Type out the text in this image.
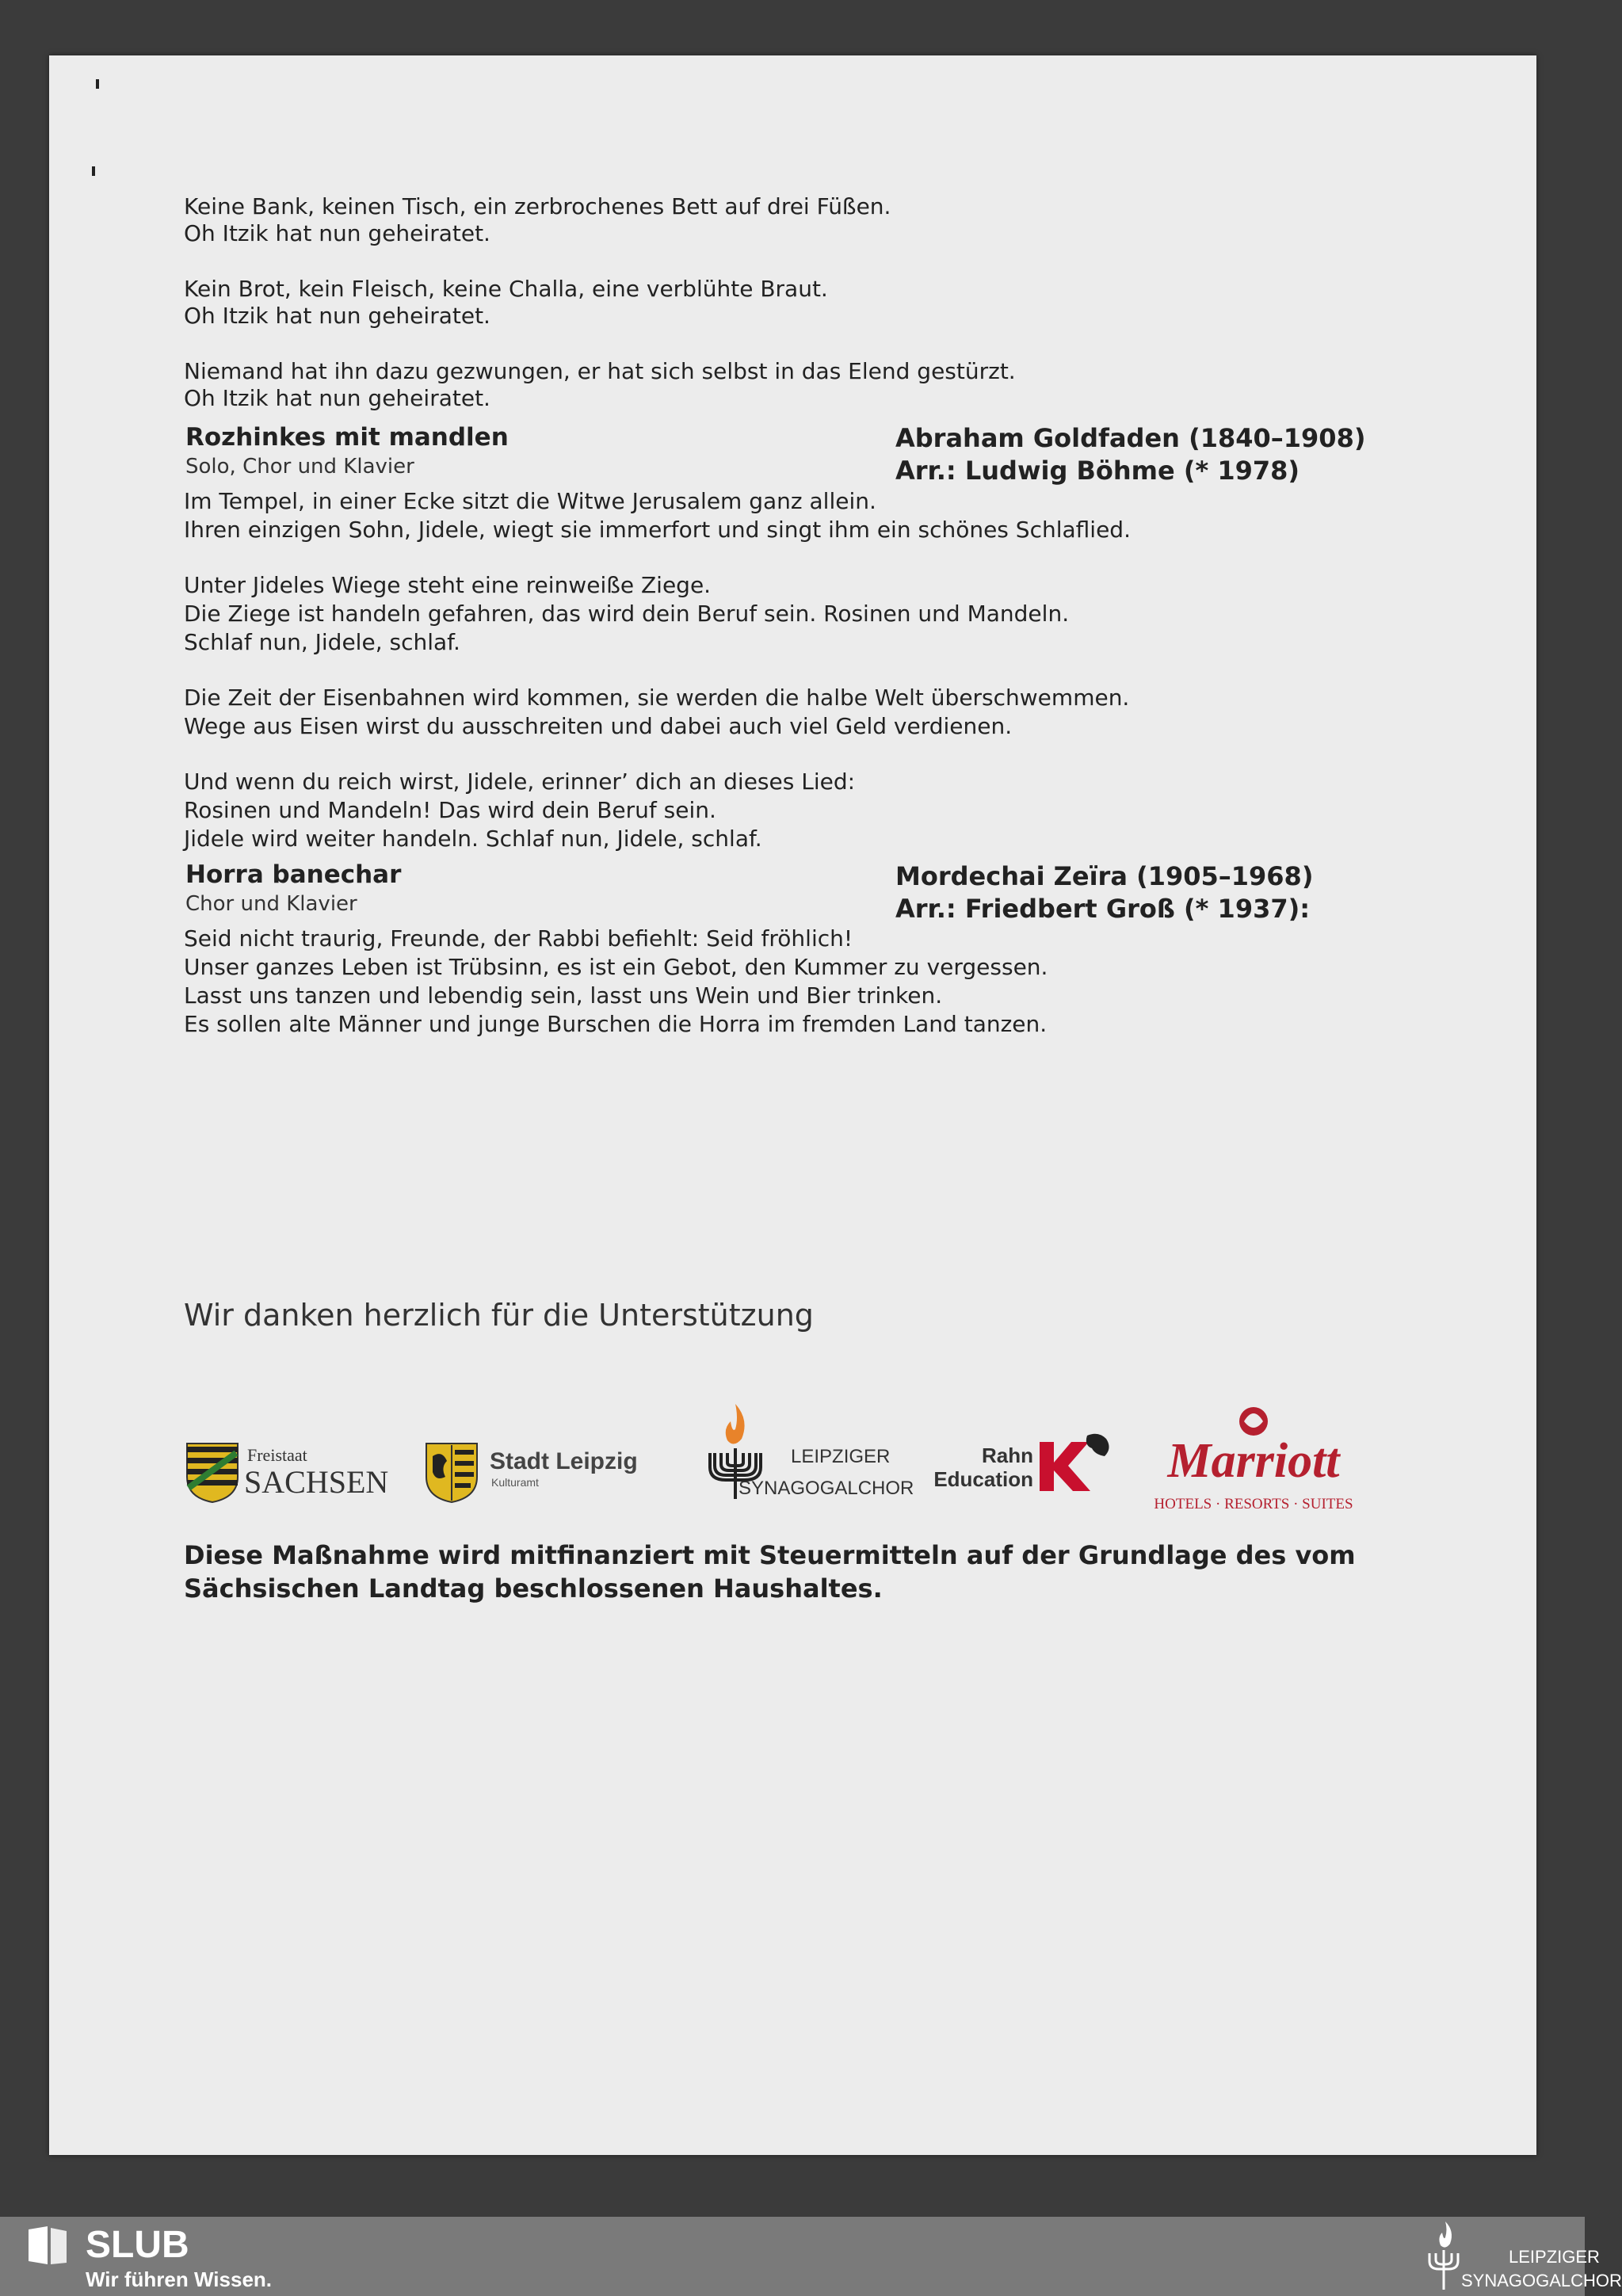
Keine Bank, keinen Tisch, ein zerbrochenes Bett auf drei Füßen.
Oh Itzik hat nun geheiratet.
Kein Brot, kein Fleisch, keine Challa, eine verblühte Braut.
Oh Itzik hat nun geheiratet.
Niemand hat ihn dazu gezwungen, er hat sich selbst in das Elend gestürzt.
Oh Itzik hat nun geheiratet.
Rozhinkes mit mandlen
Solo, Chor und Klavier
Abraham Goldfaden (1840–1908)
Arr.: Ludwig Böhme (* 1978)
Im Tempel, in einer Ecke sitzt die Witwe Jerusalem ganz allein.
Ihren einzigen Sohn, Jidele, wiegt sie immerfort und singt ihm ein schönes Schlaflied.
Unter Jideles Wiege steht eine reinweiße Ziege.
Die Ziege ist handeln gefahren, das wird dein Beruf sein. Rosinen und Mandeln.
Schlaf nun, Jidele, schlaf.
Die Zeit der Eisenbahnen wird kommen, sie werden die halbe Welt überschwemmen.
Wege aus Eisen wirst du ausschreiten und dabei auch viel Geld verdienen.
Und wenn du reich wirst, Jidele, erinner’ dich an dieses Lied:
Rosinen und Mandeln! Das wird dein Beruf sein.
Jidele wird weiter handeln. Schlaf nun, Jidele, schlaf.
Horra banechar
Chor und Klavier
Mordechai Zeïra (1905–1968)
Arr.: Friedbert Groß (* 1937):
Seid nicht traurig, Freunde, der Rabbi befiehlt: Seid fröhlich!
Unser ganzes Leben ist Trübsinn, es ist ein Gebot, den Kummer zu vergessen.
Lasst uns tanzen und lebendig sein, lasst uns Wein und Bier trinken.
Es sollen alte Männer und junge Burschen die Horra im fremden Land tanzen.
Wir danken herzlich für die Unterstützung
Freistaat
SACHSEN
Stadt Leipzig
Kulturamt
LEIPZIGER
SYNAGOGALCHOR
Rahn
Education	Marriott
HOTELS · RESORTS · SUITES
Diese Maßnahme wird mitfinanziert mit Steuermitteln auf der Grundlage des vom
Sächsischen Landtag beschlossenen Haushaltes.
SLUB
Wir führen Wissen.
LEIPZIGER
SYNAGOGALCHOR
